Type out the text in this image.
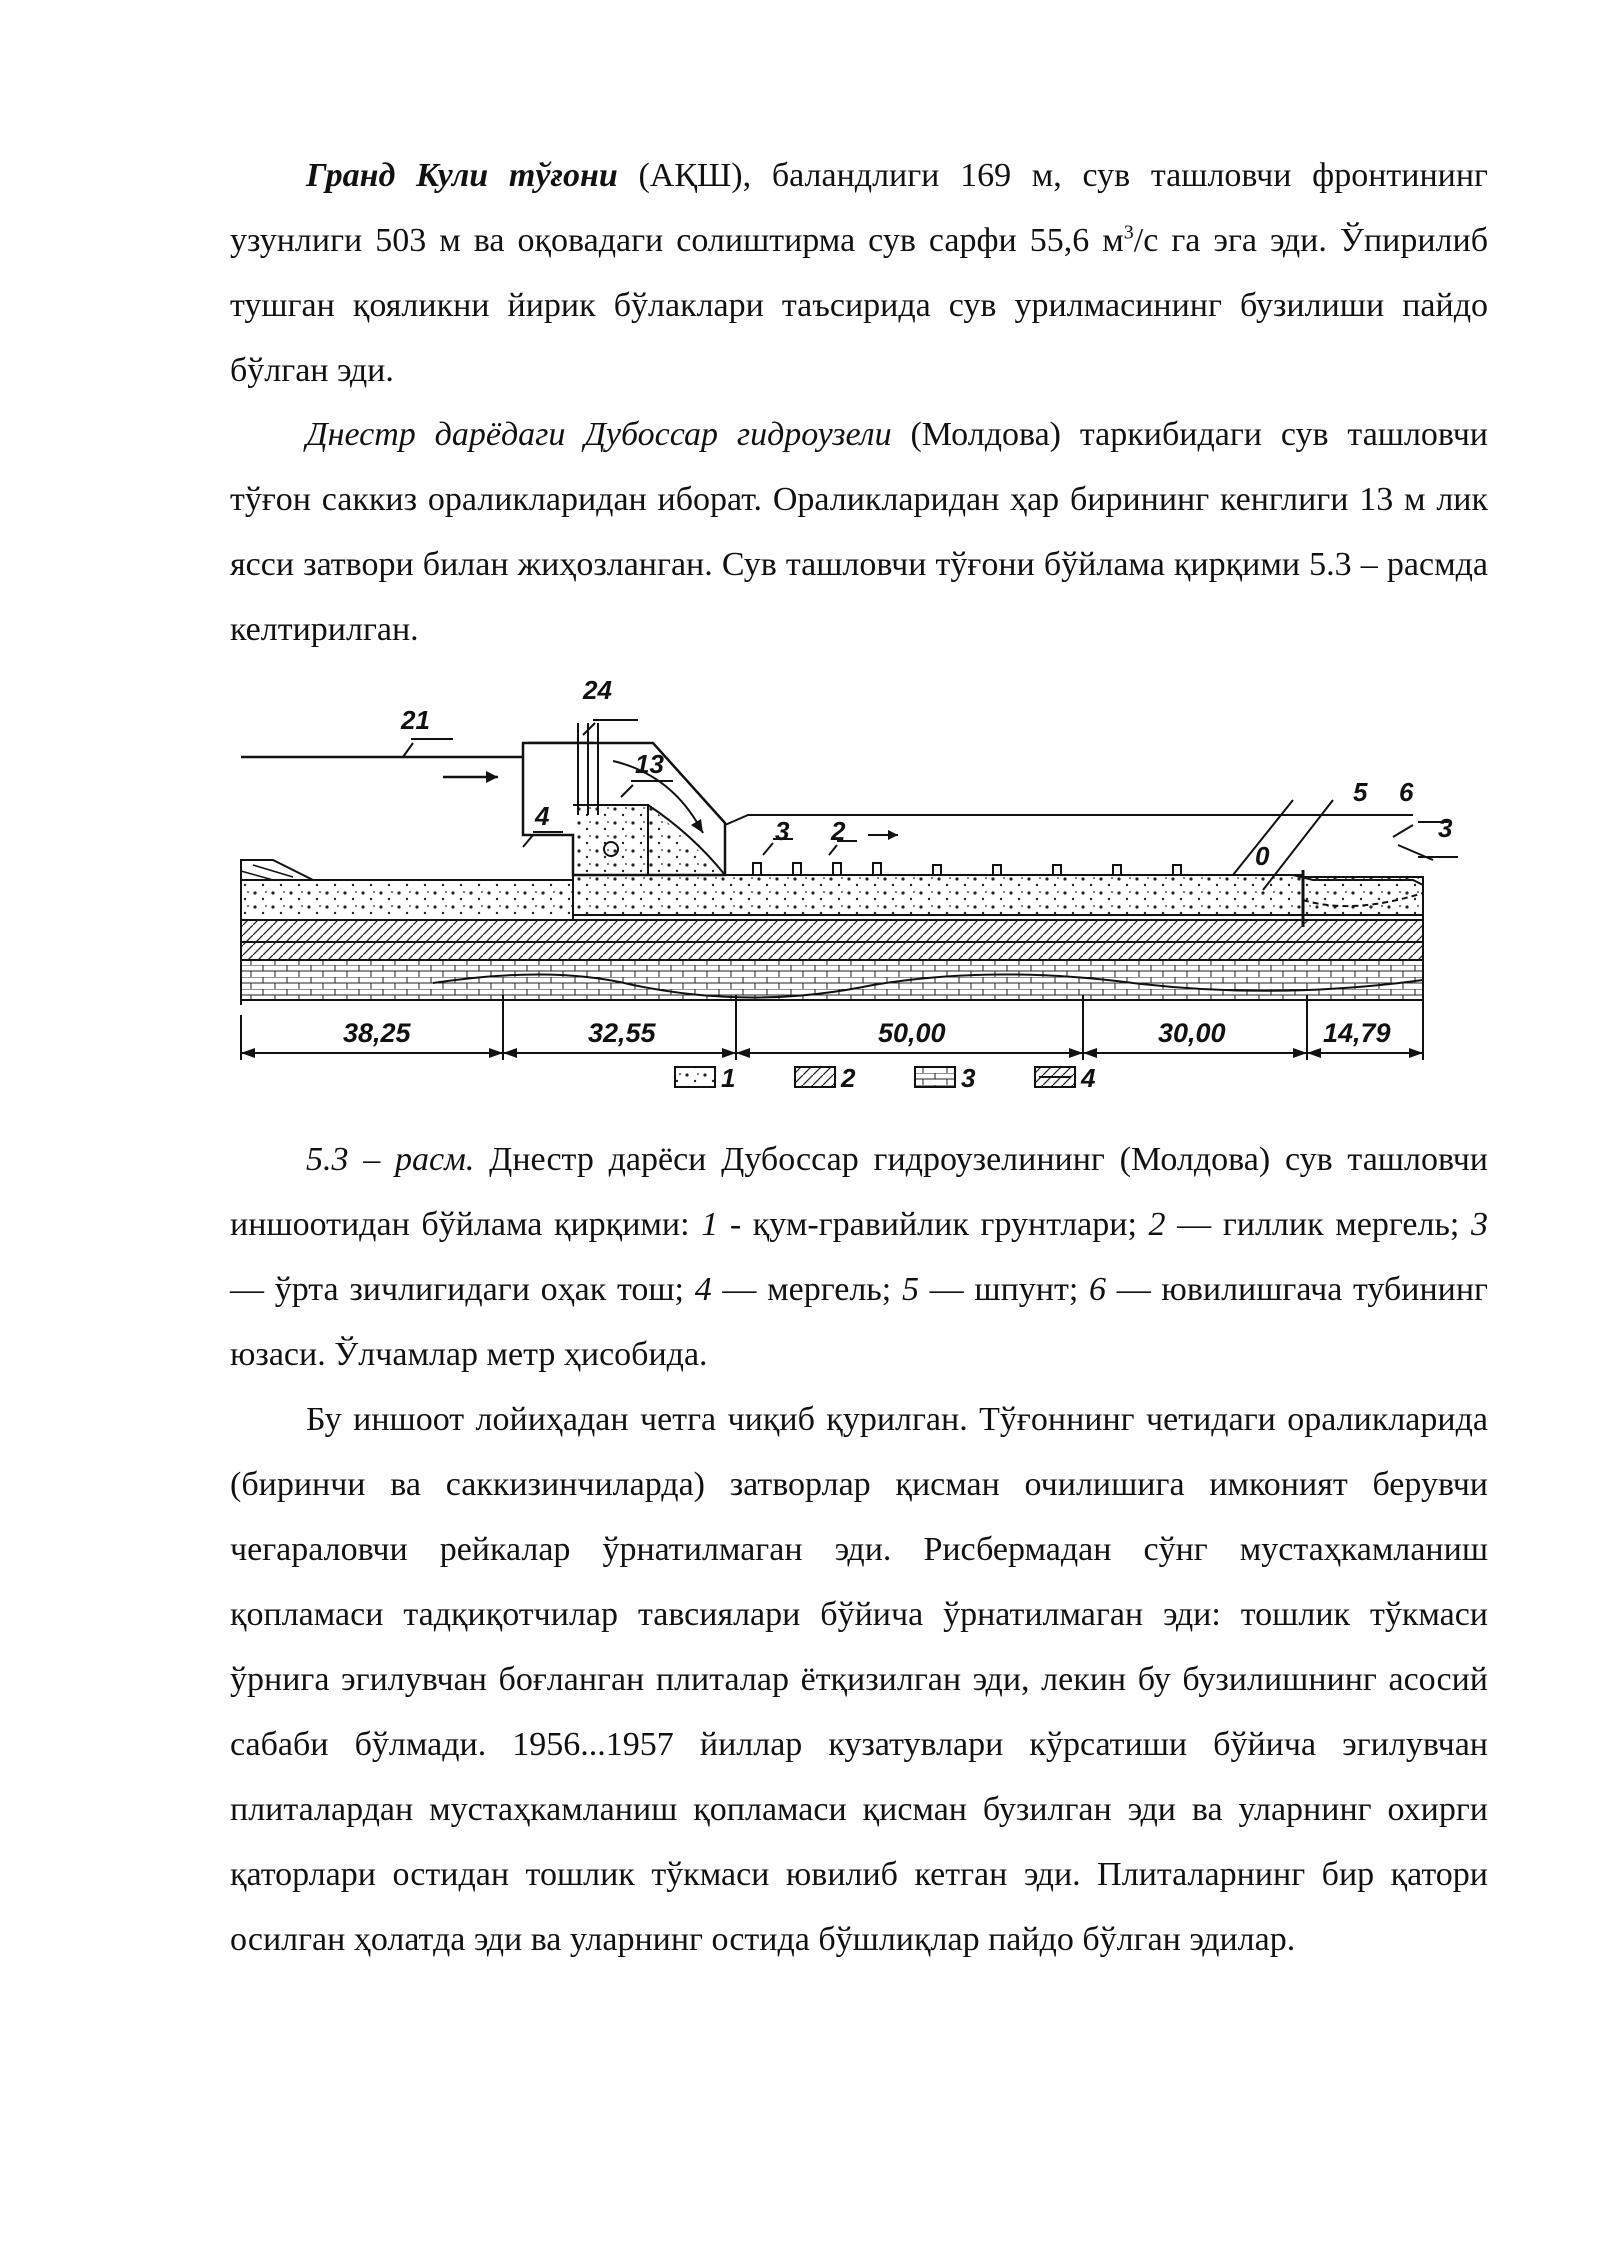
Гранд Кули тўғони (АҚШ), баландлиги 169 м, сув ташловчи фронтининг узунлиги 503 м ва оқовадаги солиштирма сув сарфи 55,6 $м^3/с$ га эга эди. Ўпирилиб тушган қояликни йирик бўлаклари таъсирида сув урилмасининг бузилиши пайдо бўлган эди.

Днестр дарёдаги Дубоссар гидроузели (Молдова) таркибидаги сув ташловчи тўғон саккиз ораликларидан иборат. Ораликларидан ҳар бирининг кенглиги 13 м лик ясси затвори билан жиҳозланган. Сув ташловчи тўғони бўйлама қирқими 5.3 – расмда келтирилган.

21
24
13
4	3 2
0
5 6
3
38,25	32,55	50,00	30,00	14,79
1	2	3	4

5.3 – расм. Днестр дарёси Дубоссар гидроузелининг (Молдова) сув ташловчи иншоотидан бўйлама қирқими: 1 - қум-гравийлик грунтлари; 2 — гиллик мергель; 3 — ўрта зичлигидаги оҳак тош; 4 — мергель; 5 — шпунт; 6 — ювилишгача тубининг юзаси. Ўлчамлар метр ҳисобида.

Бу иншоот лойиҳадан четга чиқиб қурилган. Тўғоннинг четидаги ораликларида (биринчи ва саккизинчиларда) затворлар қисман очилишига имконият берувчи чегараловчи рейкалар ўрнатилмаган эди. Рисбермадан сўнг мустаҳкамланиш қопламаси тадқиқотчилар тавсиялари бўйича ўрнатилмаган эди: тошлик тўкмаси ўрнига эгилувчан боғланган плиталар ётқизилган эди, лекин бу бузилишнинг асосий сабаби бўлмади. 1956...1957 йиллар кузатувлари кўрсатиши бўйича эгилувчан плиталардан мустаҳкамланиш қопламаси қисман бузилган эди ва уларнинг охирги қаторлари остидан тошлик тўкмаси ювилиб кетган эди. Плиталарнинг бир қатори осилган ҳолатда эди ва уларнинг остида бўшлиқлар пайдо бўлган эдилар.
